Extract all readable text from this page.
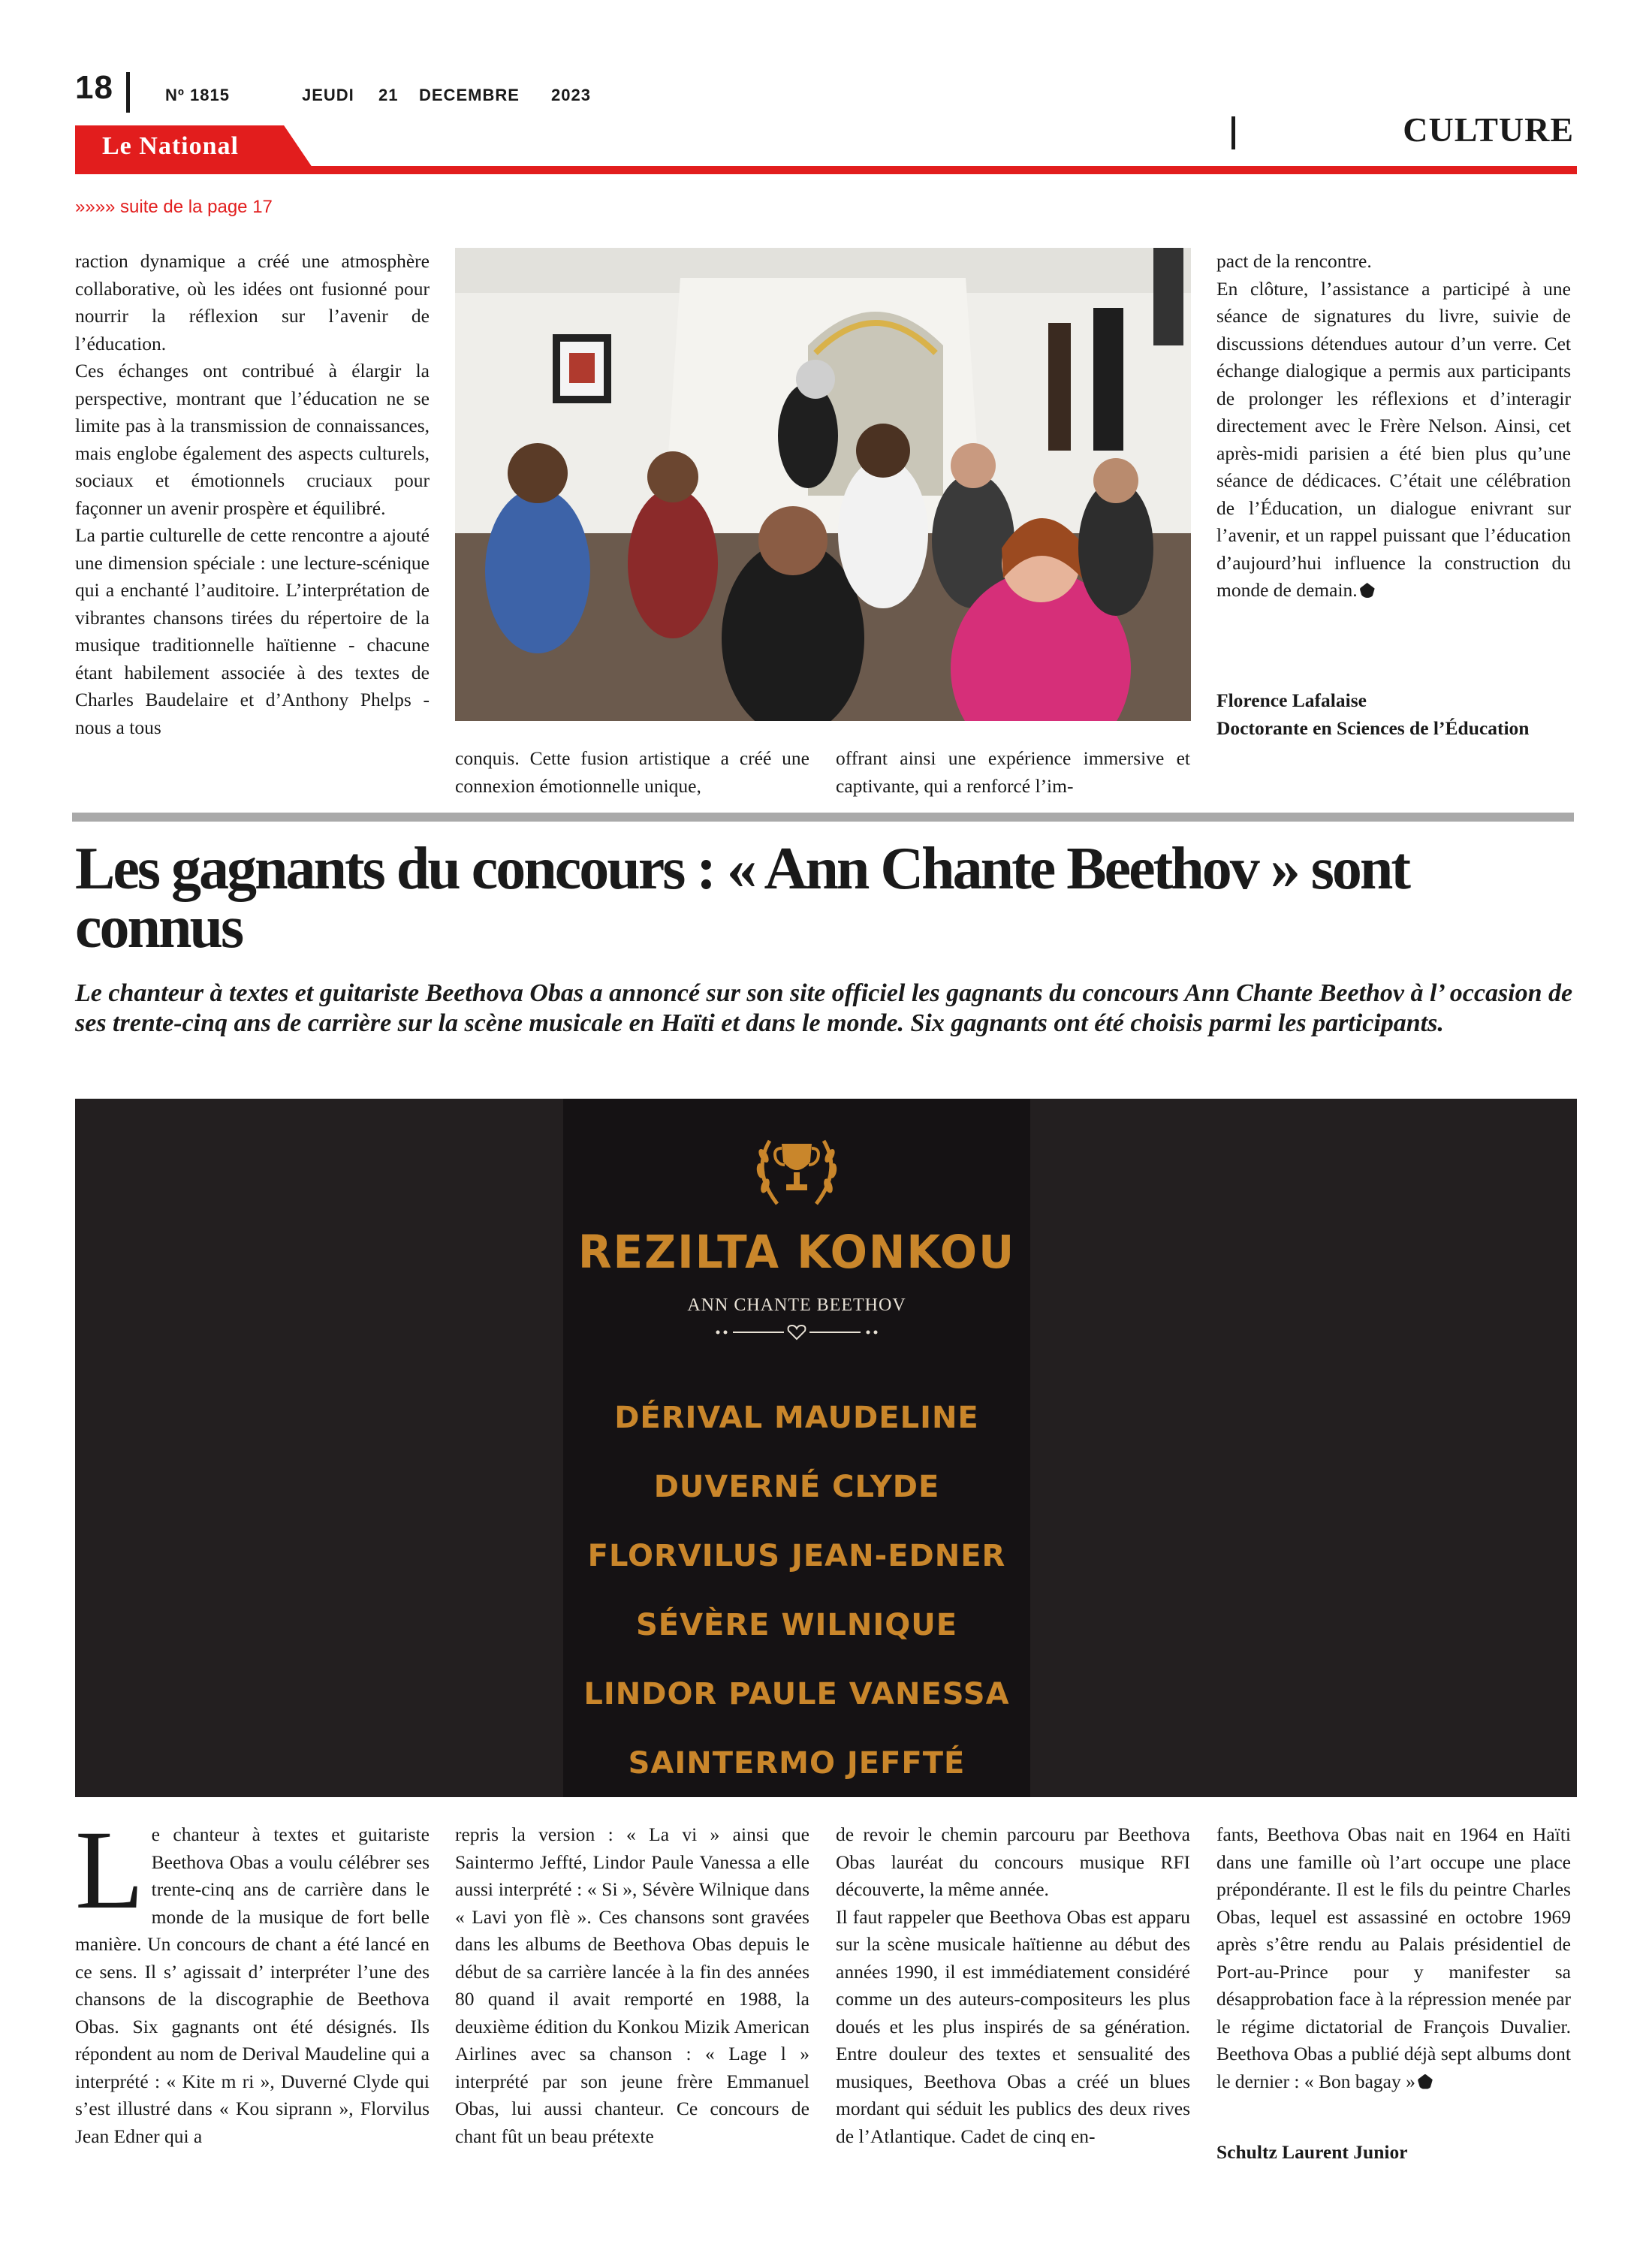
18	Nº 1815	JEUDI 21 DECEMBRE 2023
CULTURE
Le National
»»»» suite de la page 17

raction dynamique a créé une atmosphère collaborative, où les idées ont fusionné pour nourrir la réflexion sur l’avenir de l’éducation.

Ces échanges ont contribué à élargir la perspective, montrant que l’éducation ne se limite pas à la transmission de connaissances, mais englobe également des aspects culturels, sociaux et émotionnels cruciaux pour façonner un avenir prospère et équilibré.

La partie culturelle de cette rencontre a ajouté une dimension spéciale : une lecture-scénique qui a enchanté l’auditoire. L’interprétation de vibrantes chansons tirées du répertoire de la musique traditionnelle haïtienne - chacune étant habilement associée à des textes de Charles Baudelaire et d’Anthony Phelps - nous a tous

conquis. Cette fusion artistique a créé une connexion émotionnelle unique,
offrant ainsi une expérience immersive et captivante, qui a renforcé l’im-

pact de la rencontre.

En clôture, l’assistance a participé à une séance de signatures du livre, suivie de discussions détendues autour d’un verre. Cet échange dialogique a permis aux participants de prolonger les réflexions et d’interagir directement avec le Frère Nelson. Ainsi, cet après-midi parisien a été bien plus qu’une séance de dédicaces. C’était une célébration de l’Éducation, un dialogue enivrant sur l’avenir, et un rappel puissant que l’éducation d’aujourd’hui influence la construction du monde de demain.

Florence Lafalaise
Doctorante en Sciences de l’Éducation
Les gagnants du concours : « Ann Chante Beethov » sont connus
Le chanteur à textes et guitariste Beethova Obas a annoncé sur son site officiel les gagnants du concours Ann Chante Beethov à l’ occasion de ses trente-cinq ans de carrière sur la scène musicale en Haïti et dans le monde. Six gagnants ont été choisis parmi les participants.
REZILTA KONKOU
ANN CHANTE BEETHOV
DÉRIVAL MAUDELINE
DUVERNÉ CLYDE
FLORVILUS JEAN-EDNER
SÉVÈRE WILNIQUE
LINDOR PAULE VANESSA
SAINTERMO JEFFTÉ
Le chanteur à textes et guitariste Beethova Obas a voulu célébrer ses trente-cinq ans de carrière dans le monde de la musique de fort belle manière. Un concours de chant a été lancé en ce sens. Il s’ agissait d’ interpréter l’une des chansons de la discographie de Beethova Obas. Six gagnants ont été désignés. Ils répondent au nom de Derival Maudeline qui a interprété : « Kite m ri », Duverné Clyde qui s’est illustré dans « Kou siprann », Florvilus Jean Edner qui a
repris la version : « La vi » ainsi que Saintermo Jeffté, Lindor Paule Vanessa a elle aussi interprété : « Si », Sévère Wilnique dans « Lavi yon flè ». Ces chansons sont gravées dans les albums de Beethova Obas depuis le début de sa carrière lancée à la fin des années 80 quand il avait remporté en 1988, la deuxième édition du Konkou Mizik American Airlines avec sa chanson : « Lage l » interprété par son jeune frère Emmanuel Obas, lui aussi chanteur. Ce concours de chant fût un beau prétexte

de revoir le chemin parcouru par Beethova Obas lauréat du concours musique RFI découverte, la même année.

Il faut rappeler que Beethova Obas est apparu sur la scène musicale haïtienne au début des années 1990, il est immédiatement considéré comme un des auteurs-compositeurs les plus doués et les plus inspirés de sa génération. Entre douleur des textes et sensualité des musiques, Beethova Obas a créé un blues mordant qui séduit les publics des deux rives de l’Atlantique. Cadet de cinq en-

fants, Beethova Obas nait en 1964 en Haïti dans une famille où l’art occupe une place prépondérante. Il est le fils du peintre Charles Obas, lequel est assassiné en octobre 1969 après s’être rendu au Palais présidentiel de Port-au-Prince pour y manifester sa désapprobation face à la répression menée par le régime dictatorial de François Duvalier. Beethova Obas a publié déjà sept albums dont le dernier : « Bon bagay »
Schultz Laurent Junior
